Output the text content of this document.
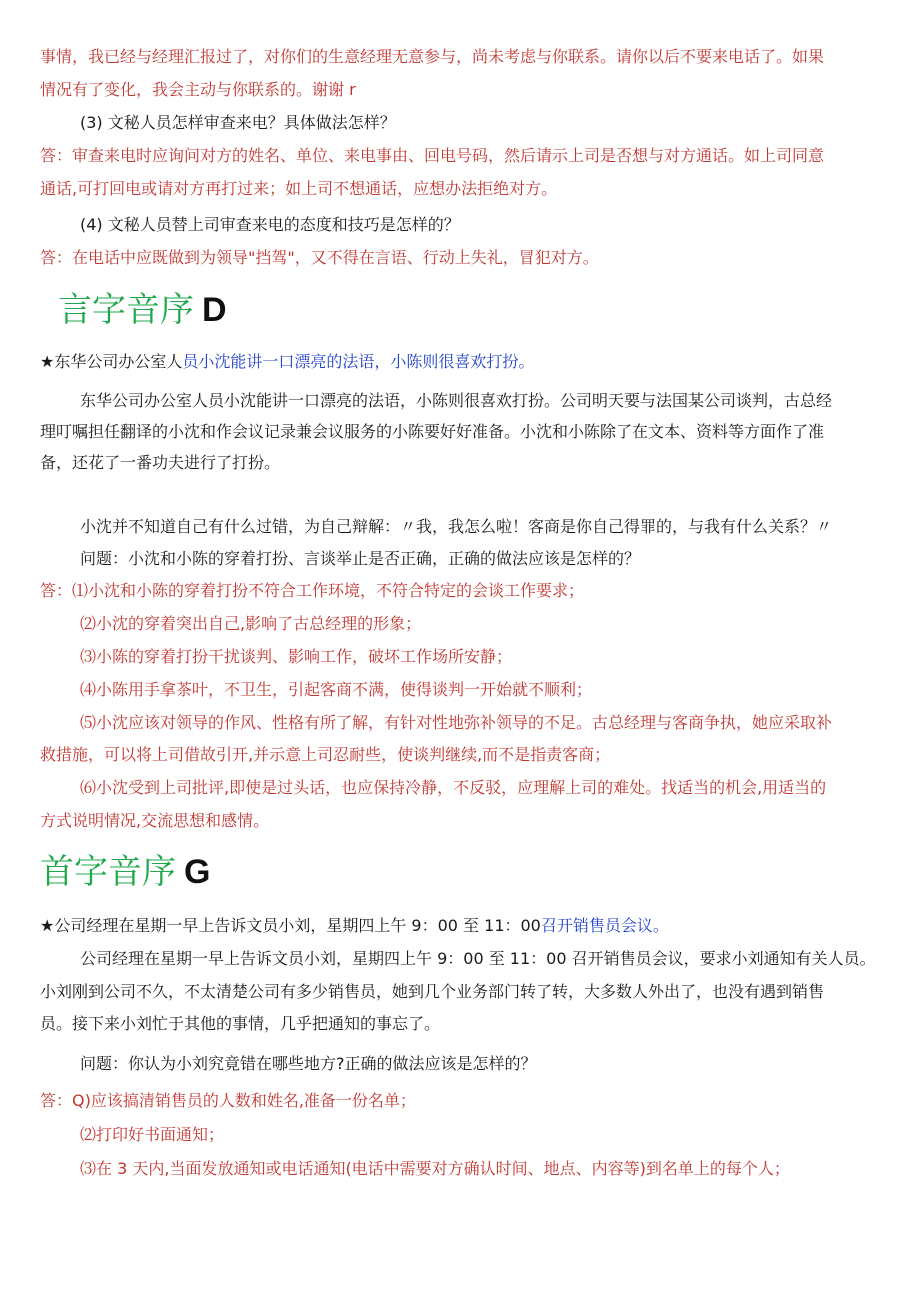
事情，我已经与经理汇报过了，对你们的生意经理无意参与，尚未考虑与你联系。请你以后不要来电话了。如果
情况有了变化，我会主动与你联系的。谢谢 r
(3) 文秘人员怎样审查来电？具体做法怎样？
答：审查来电时应询问对方的姓名、单位、来电事由、回电号码，然后请示上司是否想与对方通话。如上司同意
通话,可打回电或请对方再打过来；如上司不想通话，应想办法拒绝对方。
(4) 文秘人员替上司审查来电的态度和技巧是怎样的？
答：在电话中应既做到为领导"挡驾"，又不得在言语、行动上失礼，冒犯对方。
言字音序 D
★东华公司办公室人员小沈能讲一口漂亮的法语，小陈则很喜欢打扮。
东华公司办公室人员小沈能讲一口漂亮的法语，小陈则很喜欢打扮。公司明天要与法国某公司谈判，古总经
理叮嘱担任翻译的小沈和作会议记录兼会议服务的小陈要好好准备。小沈和小陈除了在文本、资料等方面作了准
备，还花了一番功夫进行了打扮。
小沈并不知道自己有什么过错，为自己辩解：〃我，我怎么啦！客商是你自己得罪的，与我有什么关系？〃
问题：小沈和小陈的穿着打扮、言谈举止是否正确，正确的做法应该是怎样的？
答：⑴小沈和小陈的穿着打扮不符合工作环境，不符合特定的会谈工作要求；
⑵小沈的穿着突出自己,影响了古总经理的形象；
⑶小陈的穿着打扮干扰谈判、影响工作，破坏工作场所安静；
⑷小陈用手拿茶叶，不卫生，引起客商不满，使得谈判一开始就不顺利；
⑸小沈应该对领导的作风、性格有所了解，有针对性地弥补领导的不足。古总经理与客商争执，她应采取补
救措施，可以将上司借故引开,并示意上司忍耐些，使谈判继续,而不是指责客商；
⑹小沈受到上司批评,即使是过头话，也应保持冷静，不反驳，应理解上司的难处。找适当的机会,用适当的
方式说明情况,交流思想和感情。
首字音序 G
★公司经理在星期一早上告诉文员小刘，星期四上午 9：00 至 11：00召开销售员会议。
公司经理在星期一早上告诉文员小刘，星期四上午 9：00 至 11：00 召开销售员会议，要求小刘通知有关人员。
小刘刚到公司不久，不太清楚公司有多少销售员，她到几个业务部门转了转，大多数人外出了，也没有遇到销售
员。接下来小刘忙于其他的事情，几乎把通知的事忘了。
问题：你认为小刘究竟错在哪些地方?正确的做法应该是怎样的？
答：Q)应该搞清销售员的人数和姓名,准备一份名单；
⑵打印好书面通知；
⑶在 3 天内,当面发放通知或电话通知(电话中需要对方确认时间、地点、内容等)到名单上的每个人；
